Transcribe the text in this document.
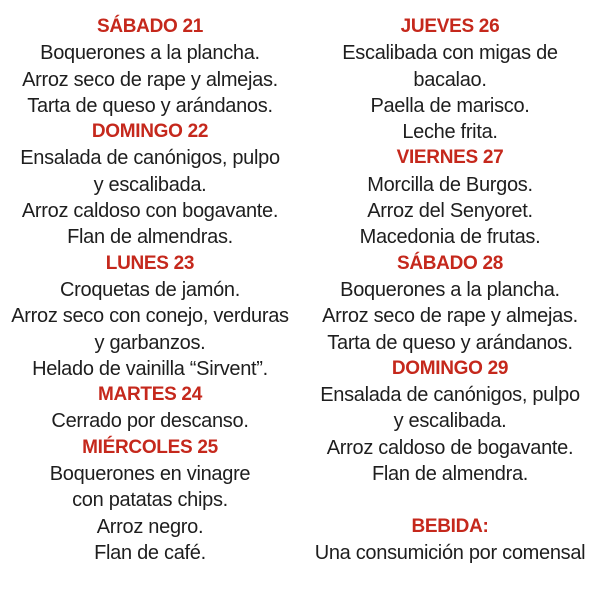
SÁBADO 21
Boquerones a la plancha.
Arroz seco de rape y almejas.
Tarta de queso y arándanos.
DOMINGO 22
Ensalada de canónigos, pulpo
y escalibada.
Arroz caldoso con bogavante.
Flan de almendras.
LUNES 23
Croquetas de jamón.
Arroz seco con conejo, verduras
y garbanzos.
Helado de vainilla “Sirvent”.
MARTES 24
Cerrado por descanso.
MIÉRCOLES 25
Boquerones en vinagre
con patatas chips.
Arroz negro.
Flan de café.
JUEVES 26
Escalibada con migas de
bacalao.
Paella de marisco.
Leche frita.
VIERNES 27
Morcilla de Burgos.
Arroz del Senyoret.
Macedonia de frutas.
SÁBADO 28
Boquerones a la plancha.
Arroz seco de rape y almejas.
Tarta de queso y arándanos.
DOMINGO 29
Ensalada de canónigos, pulpo
y escalibada.
Arroz caldoso de bogavante.
Flan de almendra.
BEBIDA:
Una consumición por comensal
